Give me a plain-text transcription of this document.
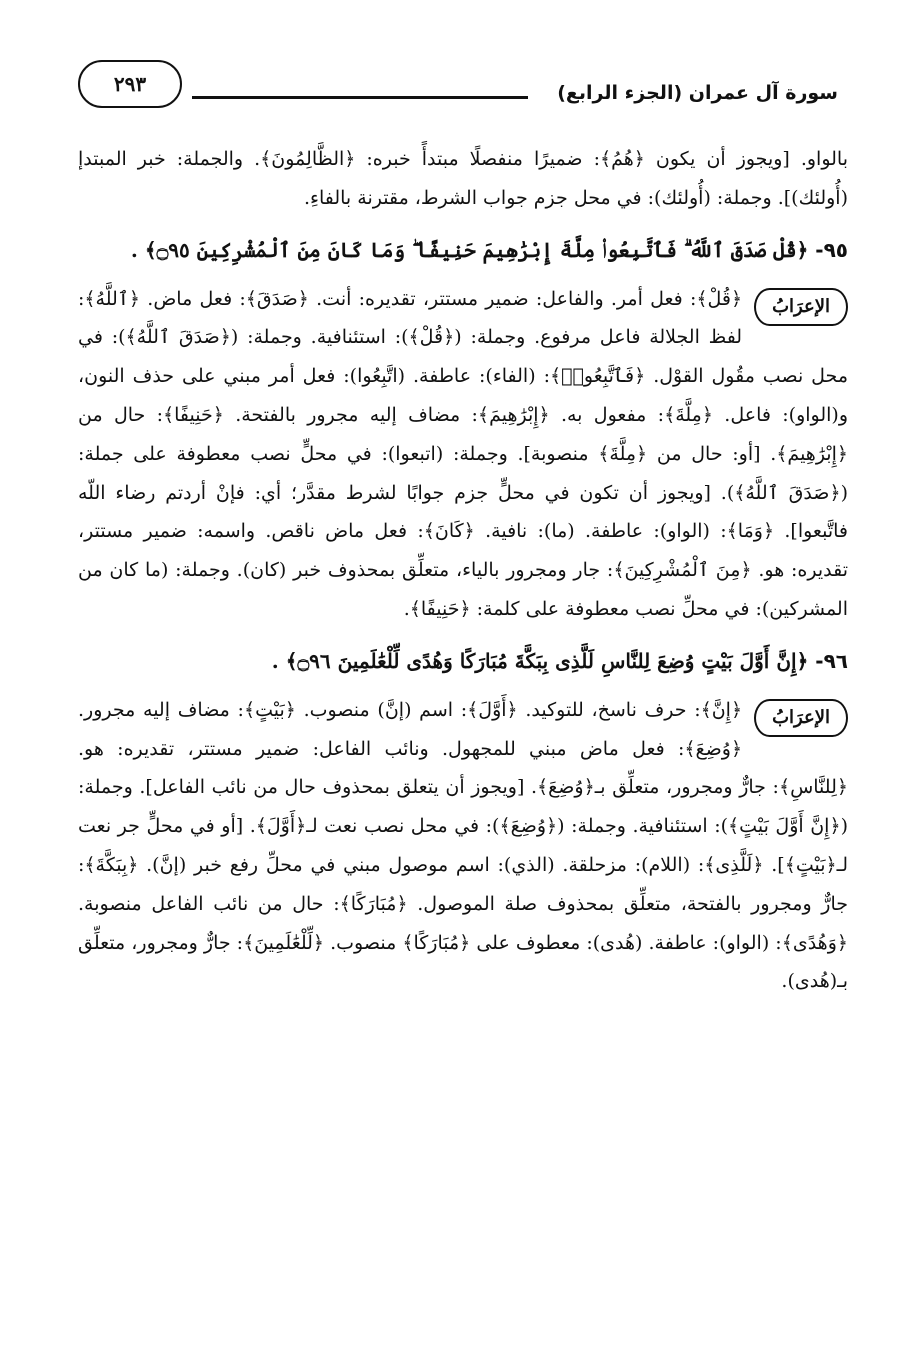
٢٩٣	سورة آل عمران (الجزء الرابع)

بالواو. [ويجوز أن يكون ﴿هُمُ﴾: ضميرًا منفصلًا مبتدأً خبره: ﴿الظَّالِمُونَ﴾. والجملة: خبر المبتدإ (أُولئك)]. وجملة: (أُولئك): في محل جزم جواب الشرط، مقترنة بالفاءِ.

٩٥- ﴿قُلْ صَدَقَ ٱللَّهُ ۗ فَٱتَّبِعُوا۟ مِلَّةَ إِبْرَٰهِيمَ حَنِيفًا ۖ وَمَا كَانَ مِنَ ٱلْمُشْرِكِينَ ۝٩٥﴾ .
الإعرَابُ

﴿قُلْ﴾: فعل أمر. والفاعل: ضمير مستتر، تقديره: أنت. ﴿صَدَقَ﴾: فعل ماض. ﴿ٱللَّهُ﴾: لفظ الجلالة فاعل مرفوع. وجملة: (﴿قُلْ﴾): استئنافية. وجملة: (﴿صَدَقَ ٱللَّهُ﴾): في محل نصب مقُول القوْل. ﴿فَٱتَّبِعُوا۟﴾: (الفاء): عاطفة. (اتَّبِعُوا): فعل أمر مبني على حذف النون، و(الواو): فاعل. ﴿مِلَّةَ﴾: مفعول به. ﴿إِبْرَٰهِيمَ﴾: مضاف إليه مجرور بالفتحة. ﴿حَنِيفًا﴾: حال من ﴿إِبْرَٰهِيمَ﴾. [أو: حال من ﴿مِلَّةَ﴾ منصوبة]. وجملة: (اتبعوا): في محلٍّ نصب معطوفة على جملة: (﴿صَدَقَ ٱللَّهُ﴾). [ويجوز أن تكون في محلٍّ جزم جوابًا لشرط مقدَّر؛ أي: فإنْ أردتم رضاء اللّه فاتَّبعوا]. ﴿وَمَا﴾: (الواو): عاطفة. (ما): نافية. ﴿كَانَ﴾: فعل ماض ناقص. واسمه: ضمير مستتر، تقديره: هو. ﴿مِنَ ٱلْمُشْرِكِينَ﴾: جار ومجرور بالياء، متعلِّق بمحذوف خبر (كان). وجملة: (ما كان من المشركين): في محلِّ نصب معطوفة على كلمة: ﴿حَنِيفًا﴾.

٩٦- ﴿إِنَّ أَوَّلَ بَيْتٍ وُضِعَ لِلنَّاسِ لَلَّذِى بِبَكَّةَ مُبَارَكًا وَهُدًى لِّلْعَٰلَمِينَ ۝٩٦﴾ .
الإعرَابُ

﴿إِنَّ﴾: حرف ناسخ، للتوكيد. ﴿أَوَّلَ﴾: اسم (إنَّ) منصوب. ﴿بَيْتٍ﴾: مضاف إليه مجرور. ﴿وُضِعَ﴾: فعل ماض مبني للمجهول. ونائب الفاعل: ضمير مستتر، تقديره: هو. ﴿لِلنَّاسِ﴾: جارٌّ ومجرور، متعلِّق بـ﴿وُضِعَ﴾. [ويجوز أن يتعلق بمحذوف حال من نائب الفاعل]. وجملة: (﴿إِنَّ أَوَّلَ بَيْتٍ﴾): استئنافية. وجملة: (﴿وُضِعَ﴾): في محل نصب نعت لـ﴿أَوَّلَ﴾. [أو في محلٍّ جر نعت لـ﴿بَيْتٍ﴾]. ﴿لَلَّذِى﴾: (اللام): مزحلقة. (الذي): اسم موصول مبني في محلِّ رفع خبر (إنَّ). ﴿بِبَكَّةَ﴾: جارٌّ ومجرور بالفتحة، متعلِّق بمحذوف صلة الموصول. ﴿مُبَارَكًا﴾: حال من نائب الفاعل منصوبة. ﴿وَهُدًى﴾: (الواو): عاطفة. (هُدى): معطوف على ﴿مُبَارَكًا﴾ منصوب. ﴿لِّلْعَٰلَمِينَ﴾: جارٌّ ومجرور، متعلِّق بـ(هُدى).
